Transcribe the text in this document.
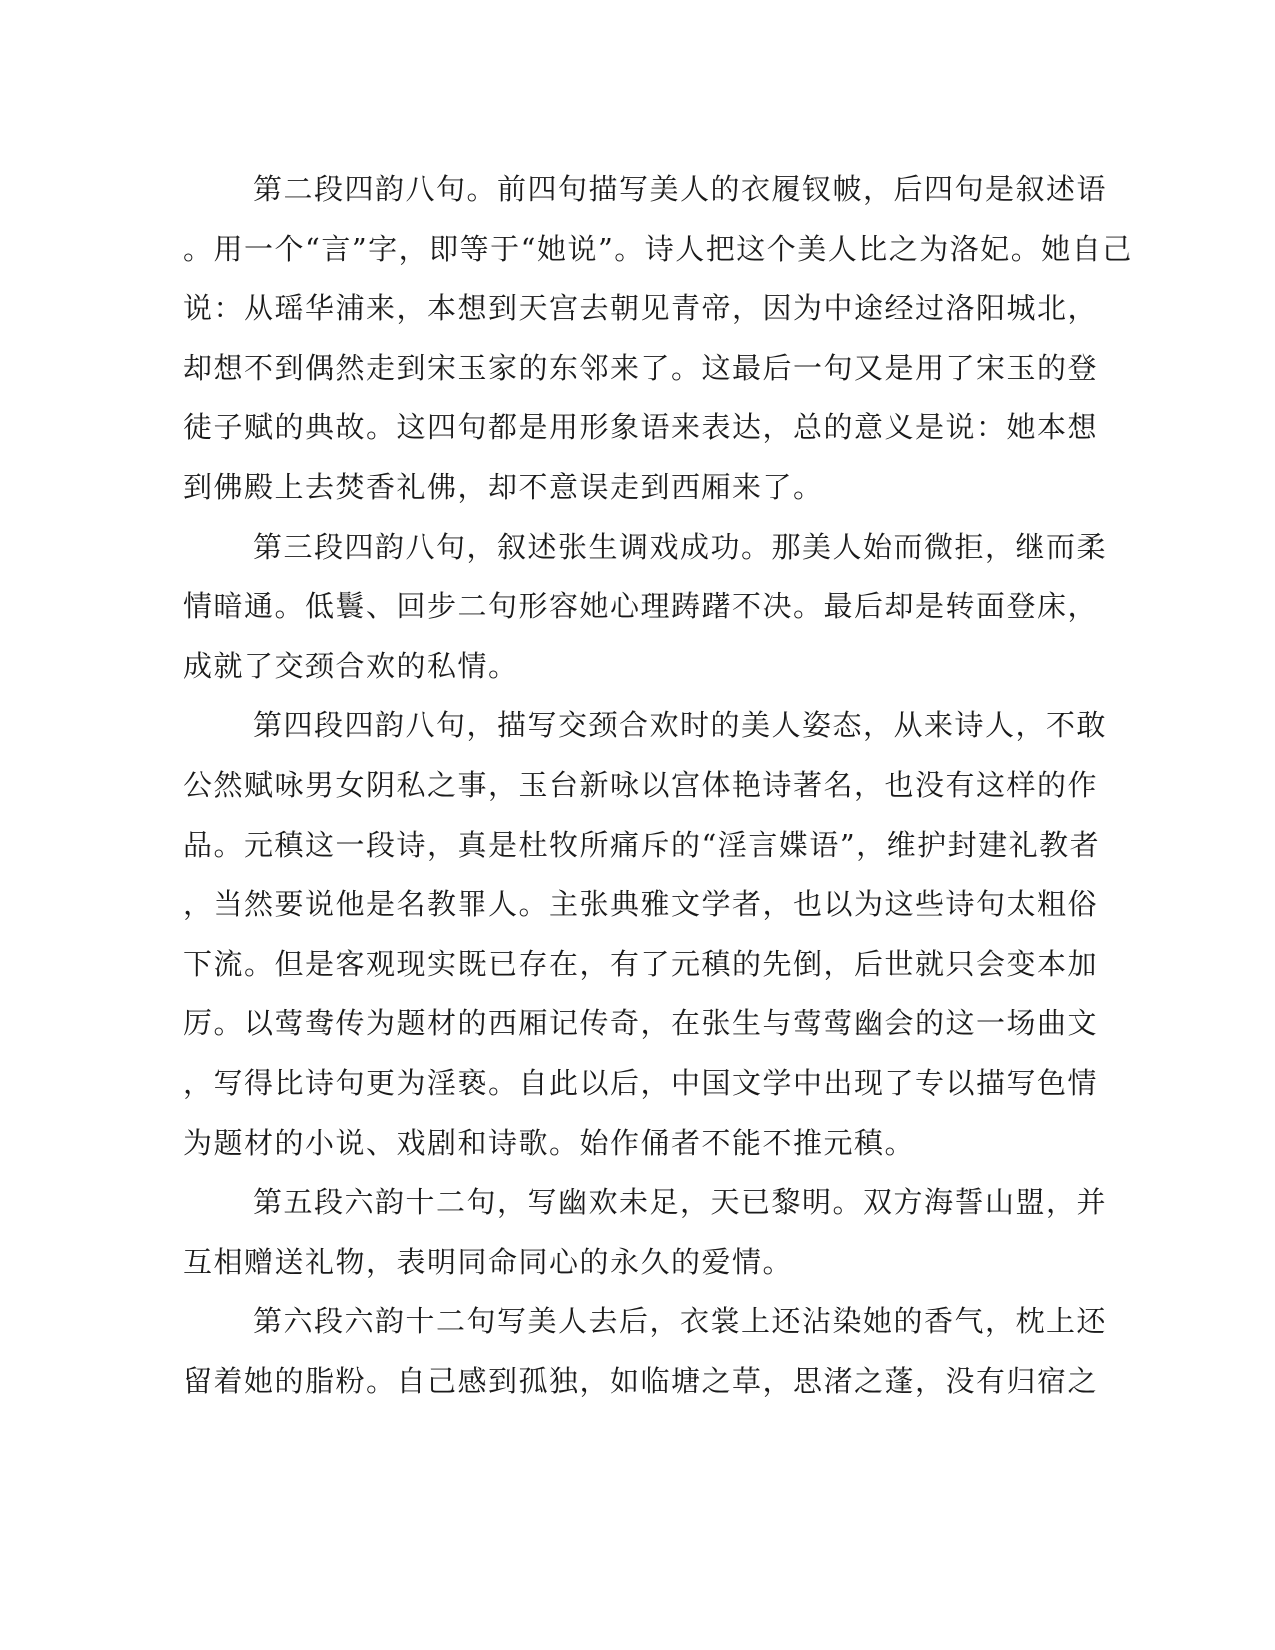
第二段四韵八句。前四句描写美人的衣履钗帔，后四句是叙述语
。用一个“言”字，即等于“她说”。诗人把这个美人比之为洛妃。她自己
说：从瑶华浦来，本想到天宫去朝见青帝，因为中途经过洛阳城北，
却想不到偶然走到宋玉家的东邻来了。这最后一句又是用了宋玉的登
徒子赋的典故。这四句都是用形象语来表达，总的意义是说：她本想
到佛殿上去焚香礼佛，却不意误走到西厢来了。
第三段四韵八句，叙述张生调戏成功。那美人始而微拒，继而柔
情暗通。低鬟、回步二句形容她心理踌躇不决。最后却是转面登床，
成就了交颈合欢的私情。
第四段四韵八句，描写交颈合欢时的美人姿态，从来诗人，不敢
公然赋咏男女阴私之事，玉台新咏以宫体艳诗著名，也没有这样的作
品。元稹这一段诗，真是杜牧所痛斥的“淫言媟语”，维护封建礼教者
，当然要说他是名教罪人。主张典雅文学者，也以为这些诗句太粗俗
下流。但是客观现实既已存在，有了元稹的先倒，后世就只会变本加
厉。以莺鸯传为题材的西厢记传奇，在张生与莺莺幽会的这一场曲文
，写得比诗句更为淫亵。自此以后，中国文学中出现了专以描写色情
为题材的小说、戏剧和诗歌。始作俑者不能不推元稹。
第五段六韵十二句，写幽欢未足，天已黎明。双方海誓山盟，并
互相赠送礼物，表明同命同心的永久的爱情。
第六段六韵十二句写美人去后，衣裳上还沾染她的香气，枕上还
留着她的脂粉。自己感到孤独，如临塘之草，思渚之蓬，没有归宿之
